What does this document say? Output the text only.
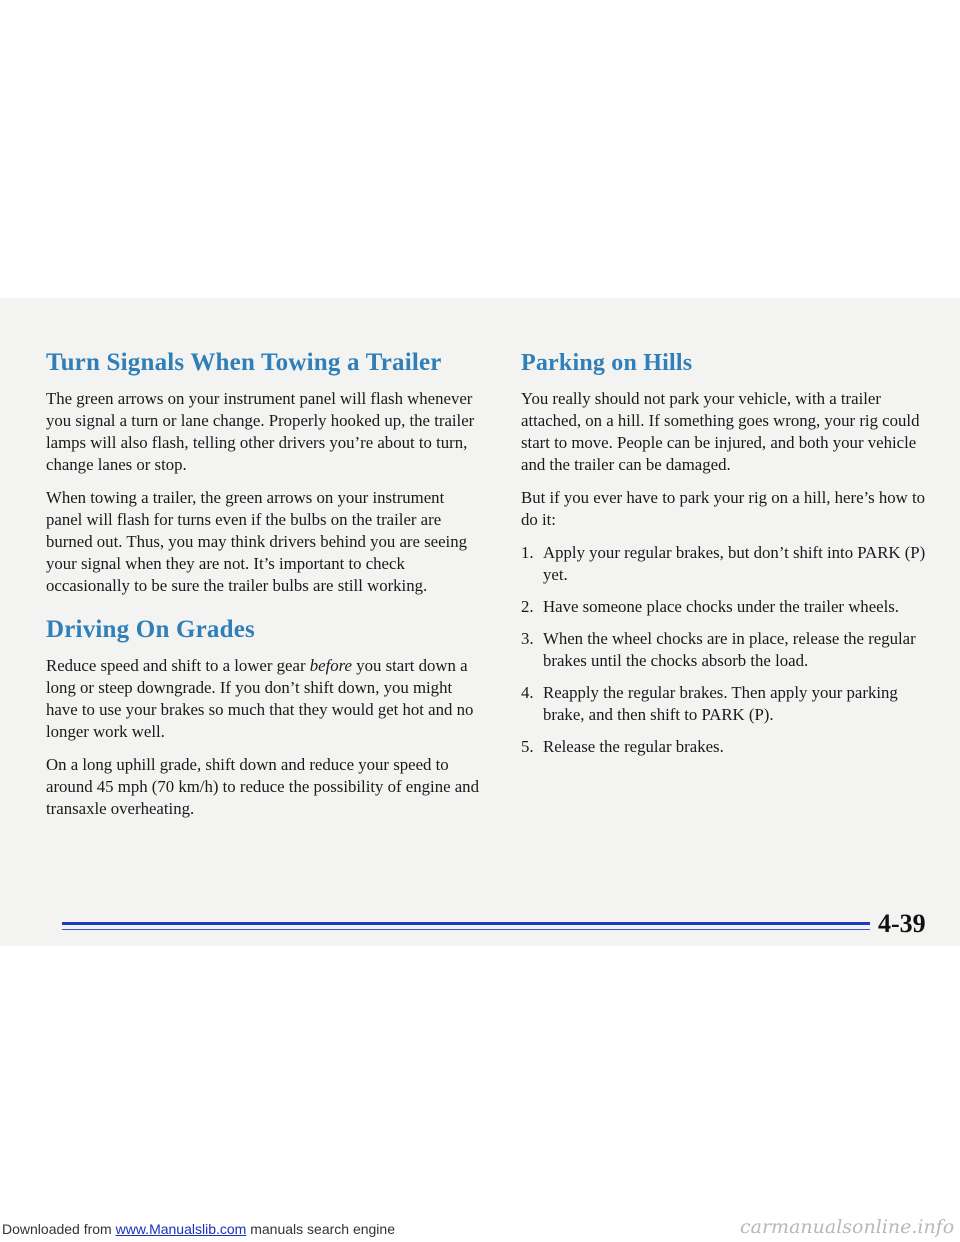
Turn Signals When Towing a Trailer

The green arrows on your instrument panel will flash whenever you signal a turn or lane change. Properly hooked up, the trailer lamps will also flash, telling other drivers you’re about to turn, change lanes or stop.

When towing a trailer, the green arrows on your instrument panel will flash for turns even if the bulbs on the trailer are burned out. Thus, you may think drivers behind you are seeing your signal when they are not. It’s important to check occasionally to be sure the trailer bulbs are still working.

Driving On Grades

Reduce speed and shift to a lower gear before you start down a long or steep downgrade. If you don’t shift down, you might have to use your brakes so much that they would get hot and no longer work well.

On a long uphill grade, shift down and reduce your speed to around 45 mph (70 km/h) to reduce the possibility of engine and transaxle overheating.

Parking on Hills

You really should not park your vehicle, with a trailer attached, on a hill. If something goes wrong, your rig could start to move. People can be injured, and both your vehicle and the trailer can be damaged.

But if you ever have to park your rig on a hill, here’s how to do it:

1. Apply your regular brakes, but don’t shift into PARK (P) yet.
2. Have someone place chocks under the trailer wheels.
3. When the wheel chocks are in place, release the regular brakes until the chocks absorb the load.
4. Reapply the regular brakes. Then apply your parking brake, and then shift to PARK (P).
5. Release the regular brakes.
4-39
Downloaded from www.Manualslib.com manuals search engine	carmanualsonline.info
